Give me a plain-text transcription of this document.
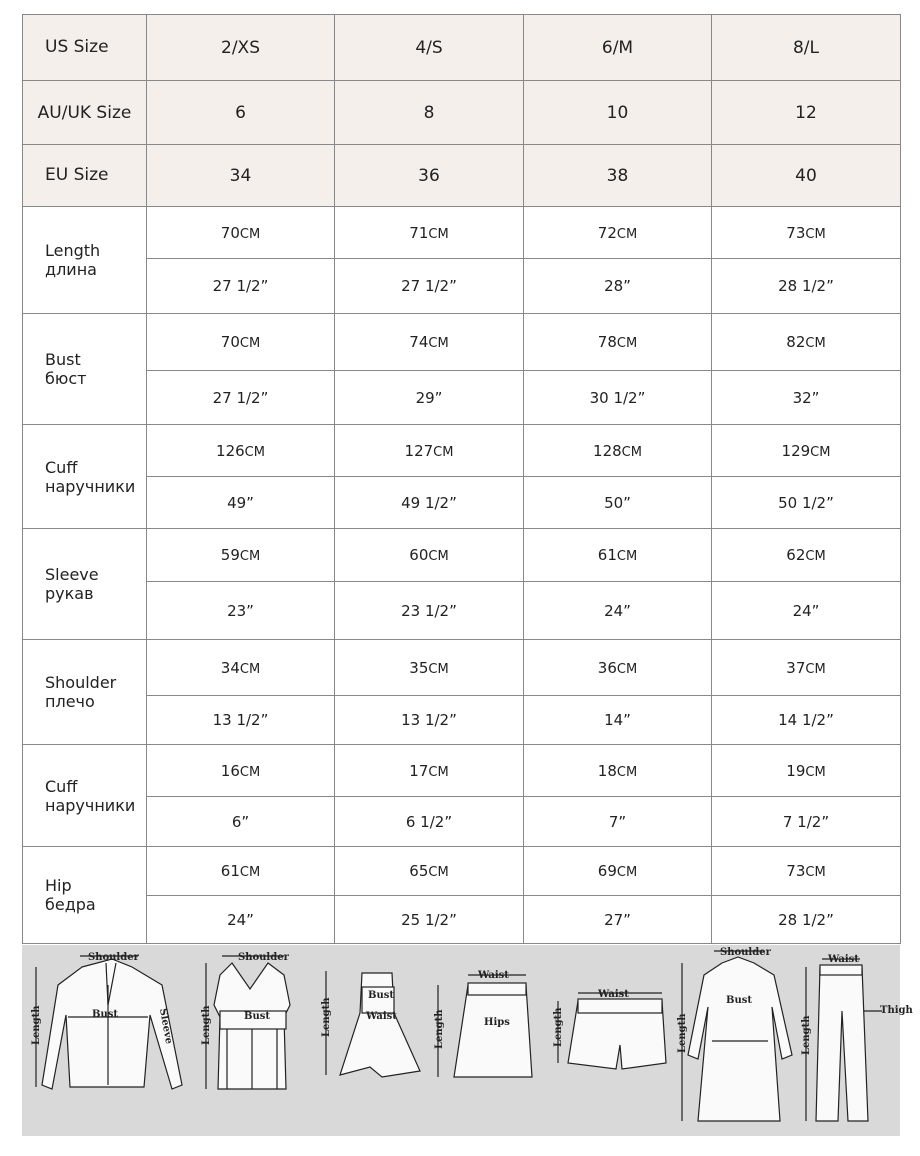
US Size	2/XS	4/S	6/M	8/L
AU/UK Size	6	8	10	12
EU Size	34	36	38	40

Length
длина	70CM	71CM	72CM	73CM
	27 1/2”	27 1/2”	28”	28 1/2”

Bust
бюст	70CM	74CM	78CM	82CM
	27 1/2”	29”	30 1/2”	32”

Cuff
наручники	126CM	127CM	128CM	129CM
	49”	49 1/2”	50”	50 1/2”

Sleeve
рукав	59CM	60CM	61CM	62CM
	23”	23 1/2”	24”	24”

Shoulder
плечо	34CM	35CM	36CM	37CM
	13 1/2”	13 1/2”	14”	14 1/2”

Cuff
наручники	16CM	17CM	18CM	19CM
	6”	6 1/2”	7”	7 1/2”

Hip
бедра	61CM	65CM	69CM	73CM
	24”	25 1/2”	27”	28 1/2”
Shoulder
Bust
Length	Sleeve
Shoulder
Bust
Length	Length
Bust
Waist
Waist
Hips
Length
Waist
Length
Shoulder
Bust
Length
Waist
Thigh
Length
